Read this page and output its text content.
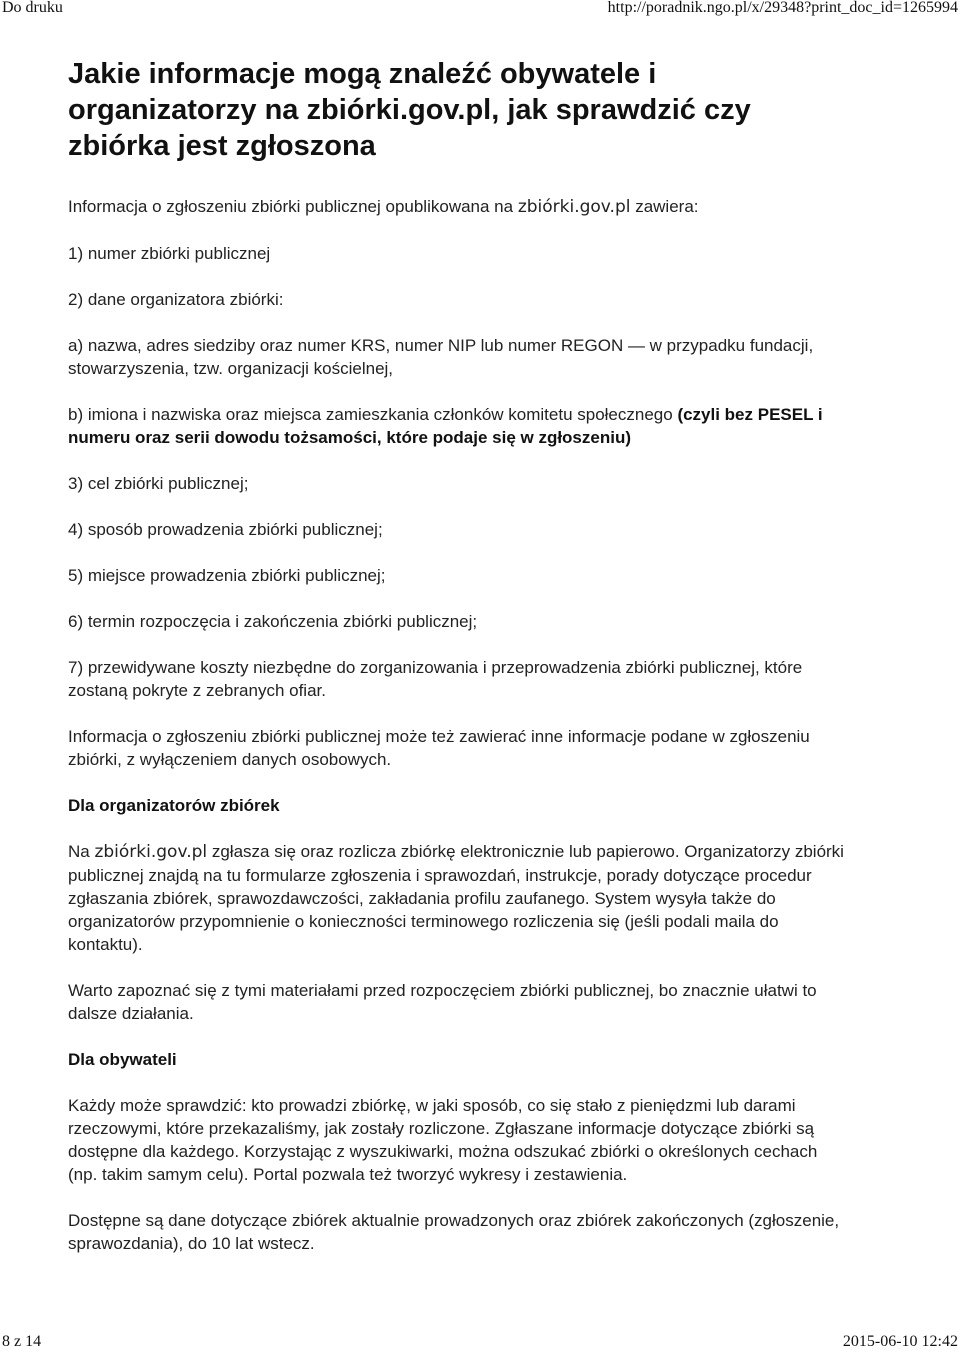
Do druku	http://poradnik.ngo.pl/x/29348?print_doc_id=1265994
Jakie informacje mogą znaleźć obywatele i organizatorzy na zbiórki.gov.pl, jak sprawdzić czy zbiórka jest zgłoszona

Informacja o zgłoszeniu zbiórki publicznej opublikowana na zbiórki.gov.pl zawiera:

1) numer zbiórki publicznej

2) dane organizatora zbiórki:

a) nazwa, adres siedziby oraz numer KRS, numer NIP lub numer REGON — w przypadku fundacji, stowarzyszenia, tzw. organizacji kościelnej,

b) imiona i nazwiska oraz miejsca zamieszkania członków komitetu społecznego (czyli bez PESEL i numeru oraz serii dowodu tożsamości, które podaje się w zgłoszeniu)

3) cel zbiórki publicznej;

4) sposób prowadzenia zbiórki publicznej;

5) miejsce prowadzenia zbiórki publicznej;

6) termin rozpoczęcia i zakończenia zbiórki publicznej;

7) przewidywane koszty niezbędne do zorganizowania i przeprowadzenia zbiórki publicznej, które zostaną pokryte z zebranych ofiar.

Informacja o zgłoszeniu zbiórki publicznej może też zawierać inne informacje podane w zgłoszeniu zbiórki, z wyłączeniem danych osobowych.

Dla organizatorów zbiórek

Na zbiórki.gov.pl zgłasza się oraz rozlicza zbiórkę elektronicznie lub papierowo. Organizatorzy zbiórki publicznej znajdą na tu formularze zgłoszenia i sprawozdań, instrukcje, porady dotyczące procedur zgłaszania zbiórek, sprawozdawczości, zakładania profilu zaufanego. System wysyła także do organizatorów przypomnienie o konieczności terminowego rozliczenia się (jeśli podali maila do kontaktu).

Warto zapoznać się z tymi materiałami przed rozpoczęciem zbiórki publicznej, bo znacznie ułatwi to dalsze działania.

Dla obywateli

Każdy może sprawdzić: kto prowadzi zbiórkę, w jaki sposób, co się stało z pieniędzmi lub darami rzeczowymi, które przekazaliśmy, jak zostały rozliczone. Zgłaszane informacje dotyczące zbiórki są dostępne dla każdego. Korzystając z wyszukiwarki, można odszukać zbiórki o określonych cechach (np. takim samym celu). Portal pozwala też tworzyć wykresy i zestawienia.

Dostępne są dane dotyczące zbiórek aktualnie prowadzonych oraz zbiórek zakończonych (zgłoszenie, sprawozdania), do 10 lat wstecz.

8 z 14	2015-06-10 12:42
